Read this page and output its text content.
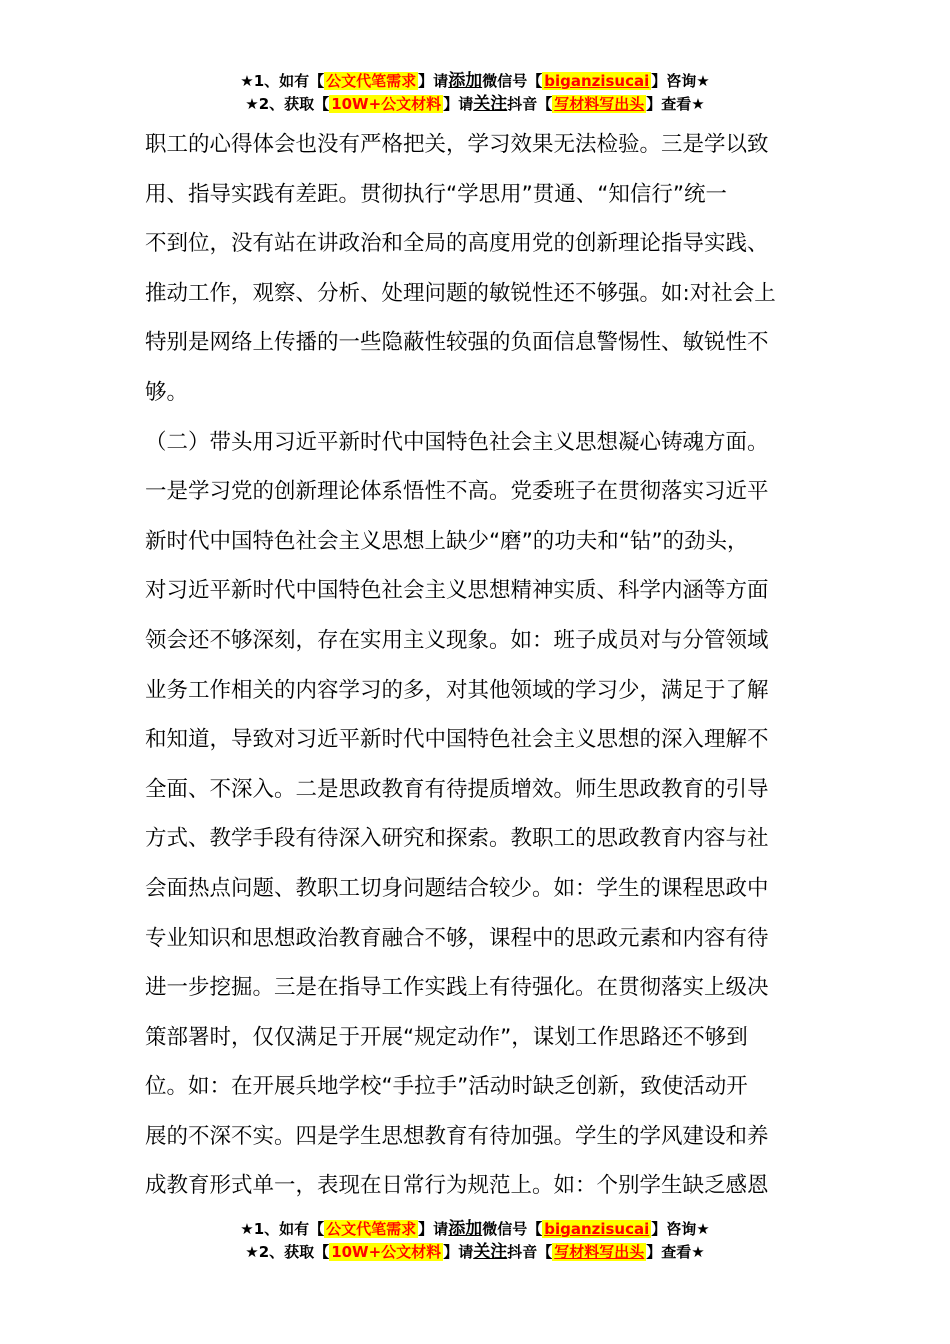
★1、如有【 公文代笔需求 】请添加微信号【 biganzisucai 】咨询★
★2、获取【 10W+公文材料 】请关注抖音【 写材料写出头 】查看★
职工的心得体会也没有严格把关，学习效果无法检验。三是学以致
用、指导实践有差距。贯彻执行“学思用”贯通、“知信行”统一
不到位，没有站在讲政治和全局的高度用党的创新理论指导实践、
推动工作，观察、分析、处理问题的敏锐性还不够强。如:对社会上
特别是网络上传播的一些隐蔽性较强的负面信息警惕性、敏锐性不
够。
（二）带头用习近平新时代中国特色社会主义思想凝心铸魂方面。
一是学习党的创新理论体系悟性不高。党委班子在贯彻落实习近平
新时代中国特色社会主义思想上缺少“磨”的功夫和“钻”的劲头，
对习近平新时代中国特色社会主义思想精神实质、科学内涵等方面
领会还不够深刻，存在实用主义现象。如：班子成员对与分管领域
业务工作相关的内容学习的多，对其他领域的学习少，满足于了解
和知道，导致对习近平新时代中国特色社会主义思想的深入理解不
全面、不深入。二是思政教育有待提质增效。师生思政教育的引导
方式、教学手段有待深入研究和探索。教职工的思政教育内容与社
会面热点问题、教职工切身问题结合较少。如：学生的课程思政中
专业知识和思想政治教育融合不够，课程中的思政元素和内容有待
进一步挖掘。三是在指导工作实践上有待强化。在贯彻落实上级决
策部署时，仅仅满足于开展“规定动作”，谋划工作思路还不够到
位。如：在开展兵地学校“手拉手”活动时缺乏创新，致使活动开
展的不深不实。四是学生思想教育有待加强。学生的学风建设和养
成教育形式单一，表现在日常行为规范上。如：个别学生缺乏感恩
★1、如有【 公文代笔需求 】请添加微信号【 biganzisucai 】咨询★
★2、获取【 10W+公文材料 】请关注抖音【 写材料写出头 】查看★
